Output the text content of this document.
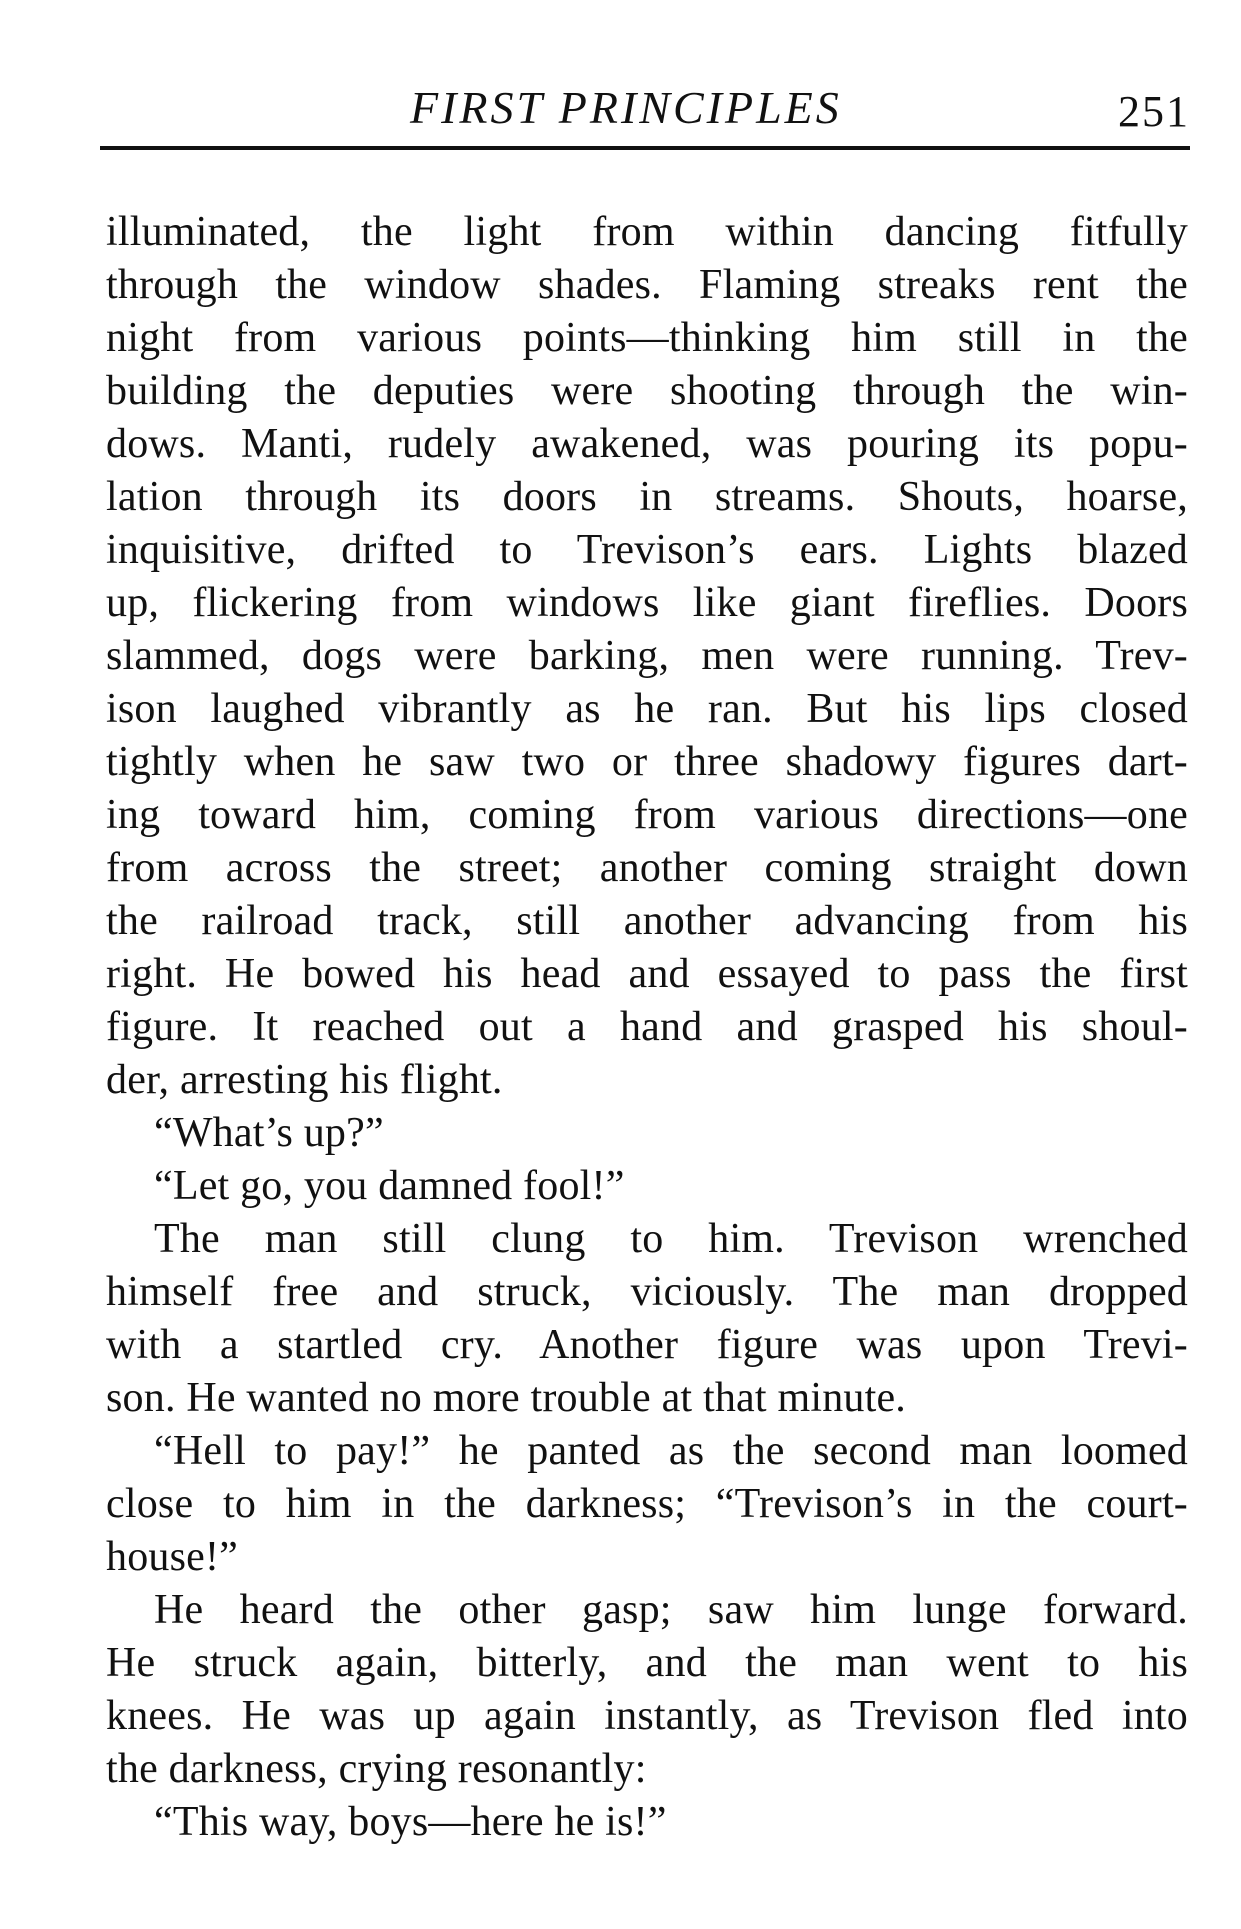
FIRST PRINCIPLES	251
illuminated, the light from within dancing fitfully
through the window shades. Flaming streaks rent the
night from various points—thinking him still in the
building the deputies were shooting through the win-
dows. Manti, rudely awakened, was pouring its popu-
lation through its doors in streams. Shouts, hoarse,
inquisitive, drifted to Trevison’s ears. Lights blazed
up, flickering from windows like giant fireflies. Doors
slammed, dogs were barking, men were running. Trev-
ison laughed vibrantly as he ran. But his lips closed
tightly when he saw two or three shadowy figures dart-
ing toward him, coming from various directions—one
from across the street; another coming straight down
the railroad track, still another advancing from his
right. He bowed his head and essayed to pass the first
figure. It reached out a hand and grasped his shoul-
der, arresting his flight.
“What’s up?”
“Let go, you damned fool!”
The man still clung to him. Trevison wrenched
himself free and struck, viciously. The man dropped
with a startled cry. Another figure was upon Trevi-
son. He wanted no more trouble at that minute.
“Hell to pay!” he panted as the second man loomed
close to him in the darkness; “Trevison’s in the court-
house!”
He heard the other gasp; saw him lunge forward.
He struck again, bitterly, and the man went to his
knees. He was up again instantly, as Trevison fled into
the darkness, crying resonantly:
“This way, boys—here he is!”
